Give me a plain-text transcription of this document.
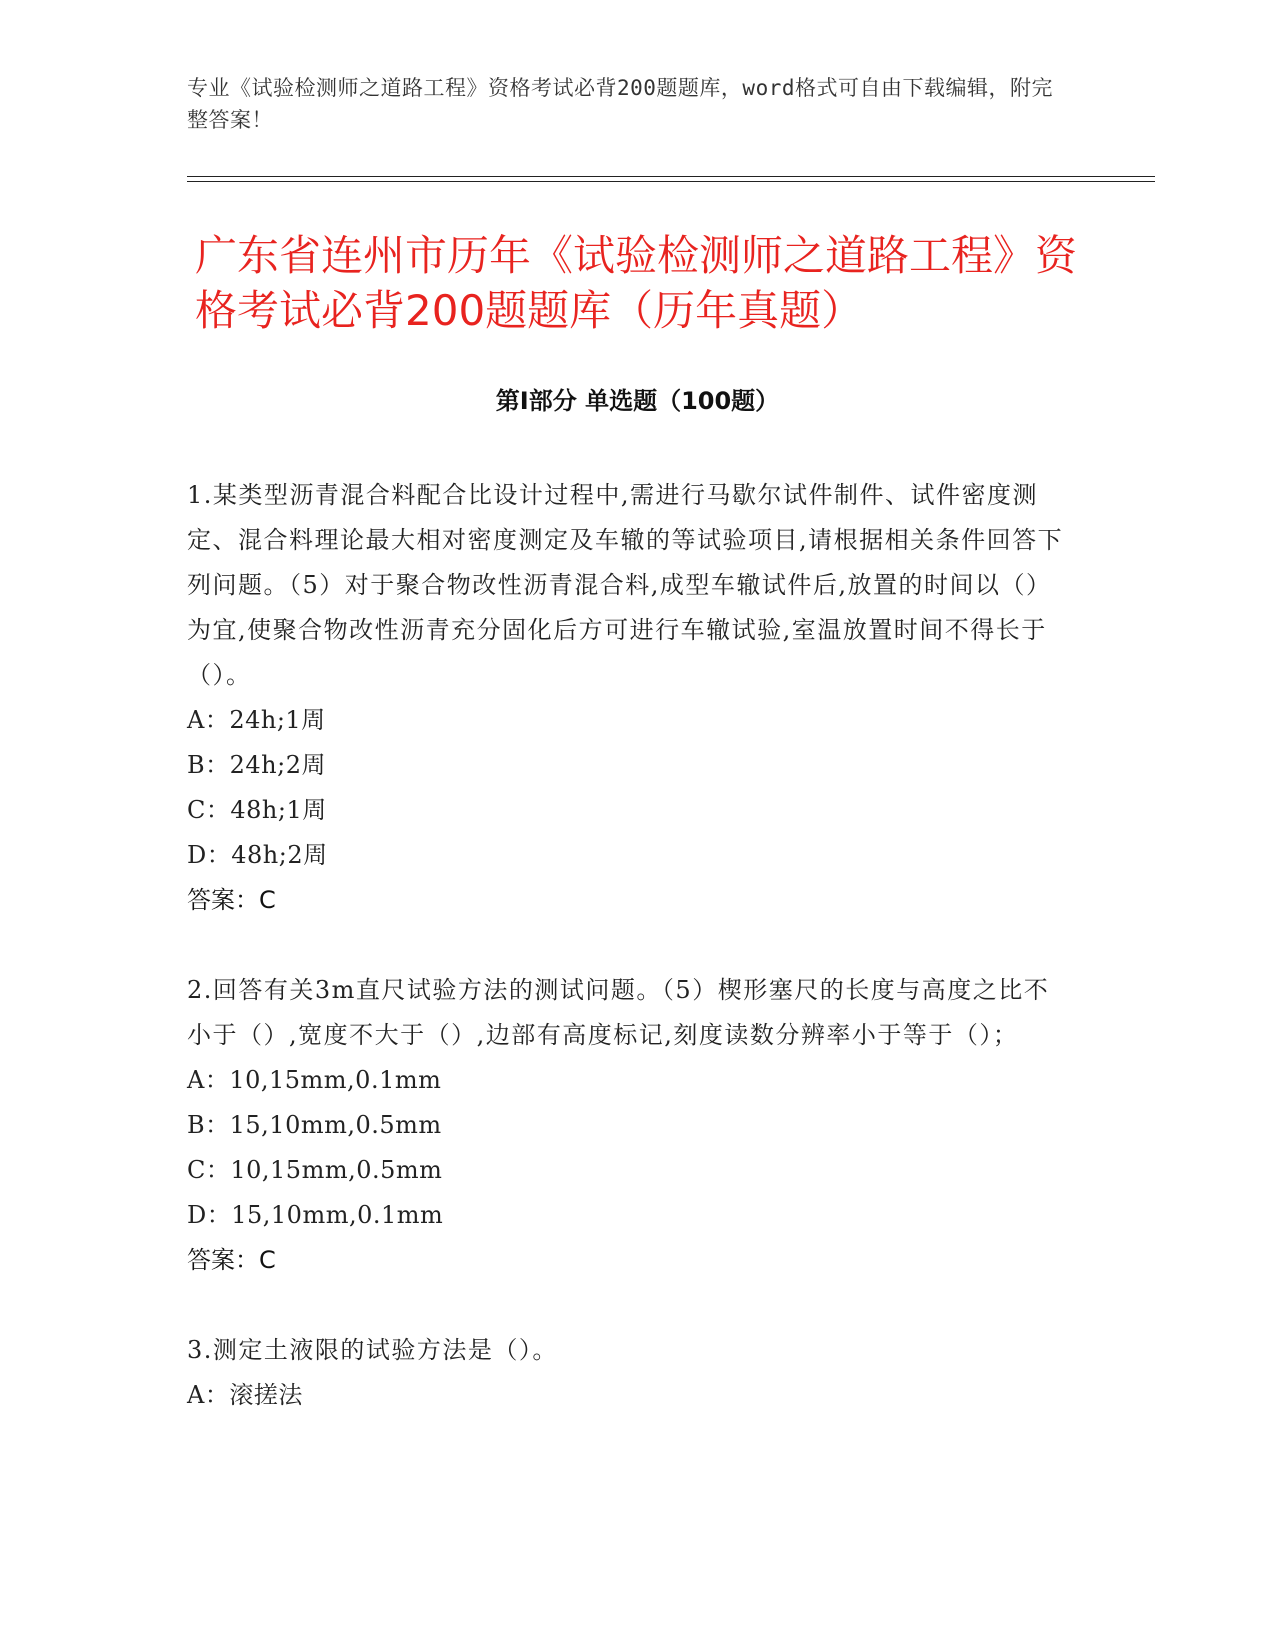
专业《试验检测师之道路工程》资格考试必背200题题库，word格式可自由下载编辑，附完整答案！
广东省连州市历年《试验检测师之道路工程》资格考试必背200题题库（历年真题）
第Ⅰ部分 单选题（100题）

1.某类型沥青混合料配合比设计过程中,需进行马歇尔试件制件、试件密度测定、混合料理论最大相对密度测定及车辙的等试验项目,请根据相关条件回答下列问题。（5）对于聚合物改性沥青混合料,成型车辙试件后,放置的时间以（）为宜,使聚合物改性沥青充分固化后方可进行车辙试验,室温放置时间不得长于（）。

A：24h;1周

B：24h;2周

C：48h;1周

D：48h;2周

答案：C

2.回答有关3m直尺试验方法的测试问题。（5）楔形塞尺的长度与高度之比不小于（）,宽度不大于（）,边部有高度标记,刻度读数分辨率小于等于（）；

A：10,15mm,0.1mm

B：15,10mm,0.5mm

C：10,15mm,0.5mm

D：15,10mm,0.1mm

答案：C

3.测定土液限的试验方法是（）。

A：滚搓法
